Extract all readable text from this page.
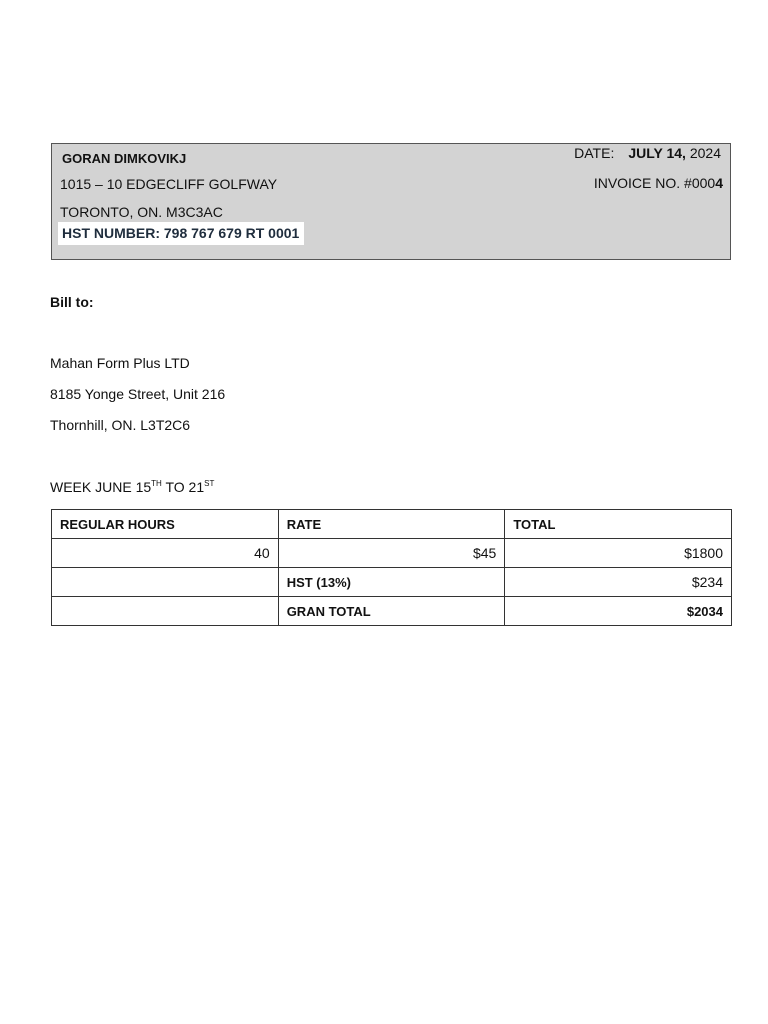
GORAN DIMKOVIKJ
1015 – 10 EDGECLIFF GOLFWAY
TORONTO, ON. M3C3AC
HST NUMBER: 798 767 679 RT 0001
DATE: JULY 14, 2024
INVOICE NO. #0004
Bill to:
Mahan Form Plus LTD
8185 Yonge Street, Unit 216
Thornhill, ON. L3T2C6
WEEK JUNE 15TH TO 21ST
REGULAR HOURS	RATE	TOTAL
40	$45	$1800
	HST (13%)	$234
	GRAN TOTAL	$2034
